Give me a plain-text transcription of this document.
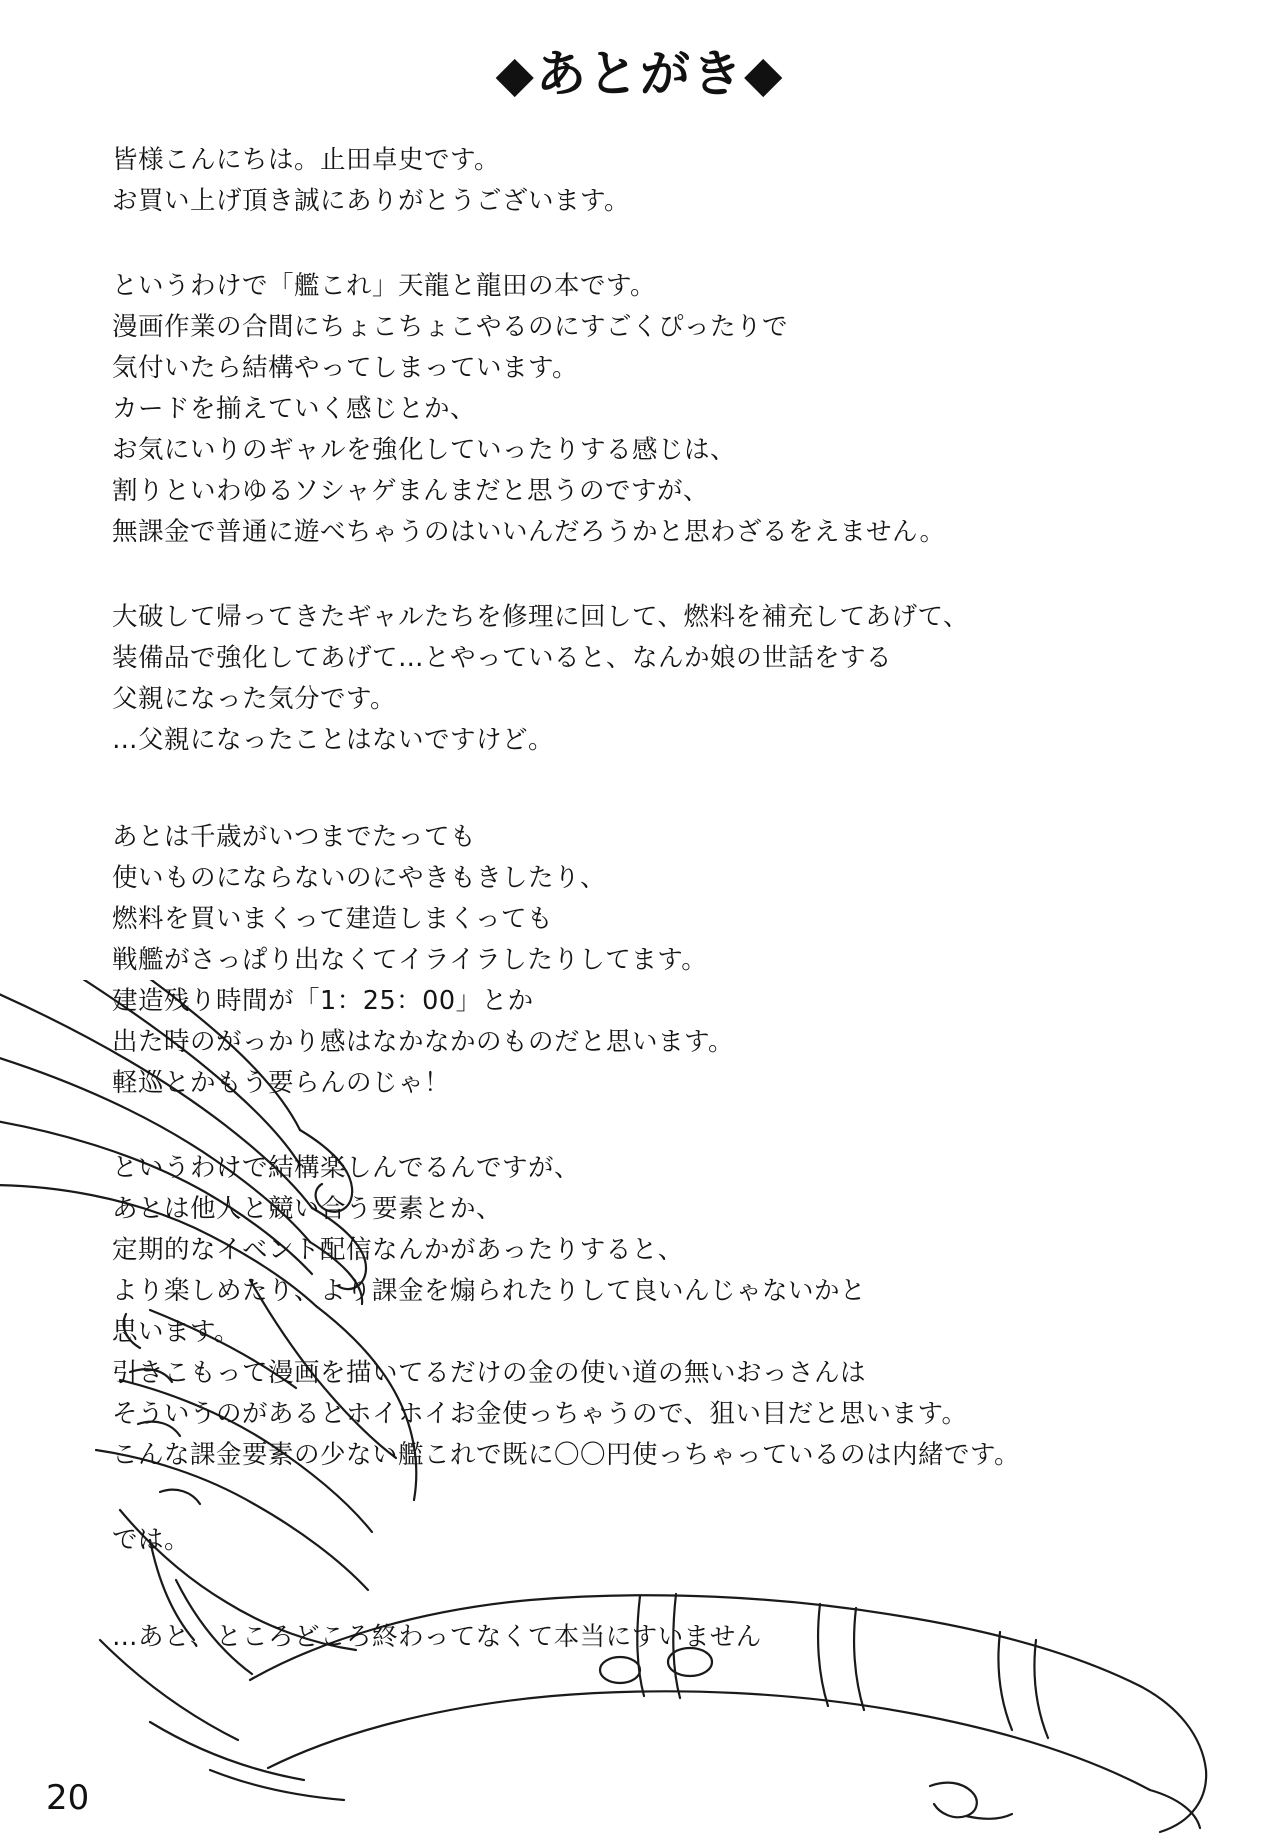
◆あとがき◆
皆様こんにちは。止田卓史です。
お買い上げ頂き誠にありがとうございます。
というわけで「艦これ」天龍と龍田の本です。
漫画作業の合間にちょこちょこやるのにすごくぴったりで
気付いたら結構やってしまっています。
カードを揃えていく感じとか、
お気にいりのギャルを強化していったりする感じは、
割りといわゆるソシャゲまんまだと思うのですが、
無課金で普通に遊べちゃうのはいいんだろうかと思わざるをえません。
大破して帰ってきたギャルたちを修理に回して、燃料を補充してあげて、
装備品で強化してあげて…とやっていると、なんか娘の世話をする
父親になった気分です。
…父親になったことはないですけど。
あとは千歳がいつまでたっても
使いものにならないのにやきもきしたり、
燃料を買いまくって建造しまくっても
戦艦がさっぱり出なくてイライラしたりしてます。
建造残り時間が「1：25：00」とか
出た時のがっかり感はなかなかのものだと思います。
軽巡とかもう要らんのじゃ！
というわけで結構楽しんでるんですが、
あとは他人と競い合う要素とか、
定期的なイベント配信なんかがあったりすると、
より楽しめたり、より課金を煽られたりして良いんじゃないかと
思います。
引きこもって漫画を描いてるだけの金の使い道の無いおっさんは
そういうのがあるとホイホイお金使っちゃうので、狙い目だと思います。
こんな課金要素の少ない艦これで既に〇〇円使っちゃっているのは内緒です。
では。
…あと、ところどころ終わってなくて本当にすいません
20
